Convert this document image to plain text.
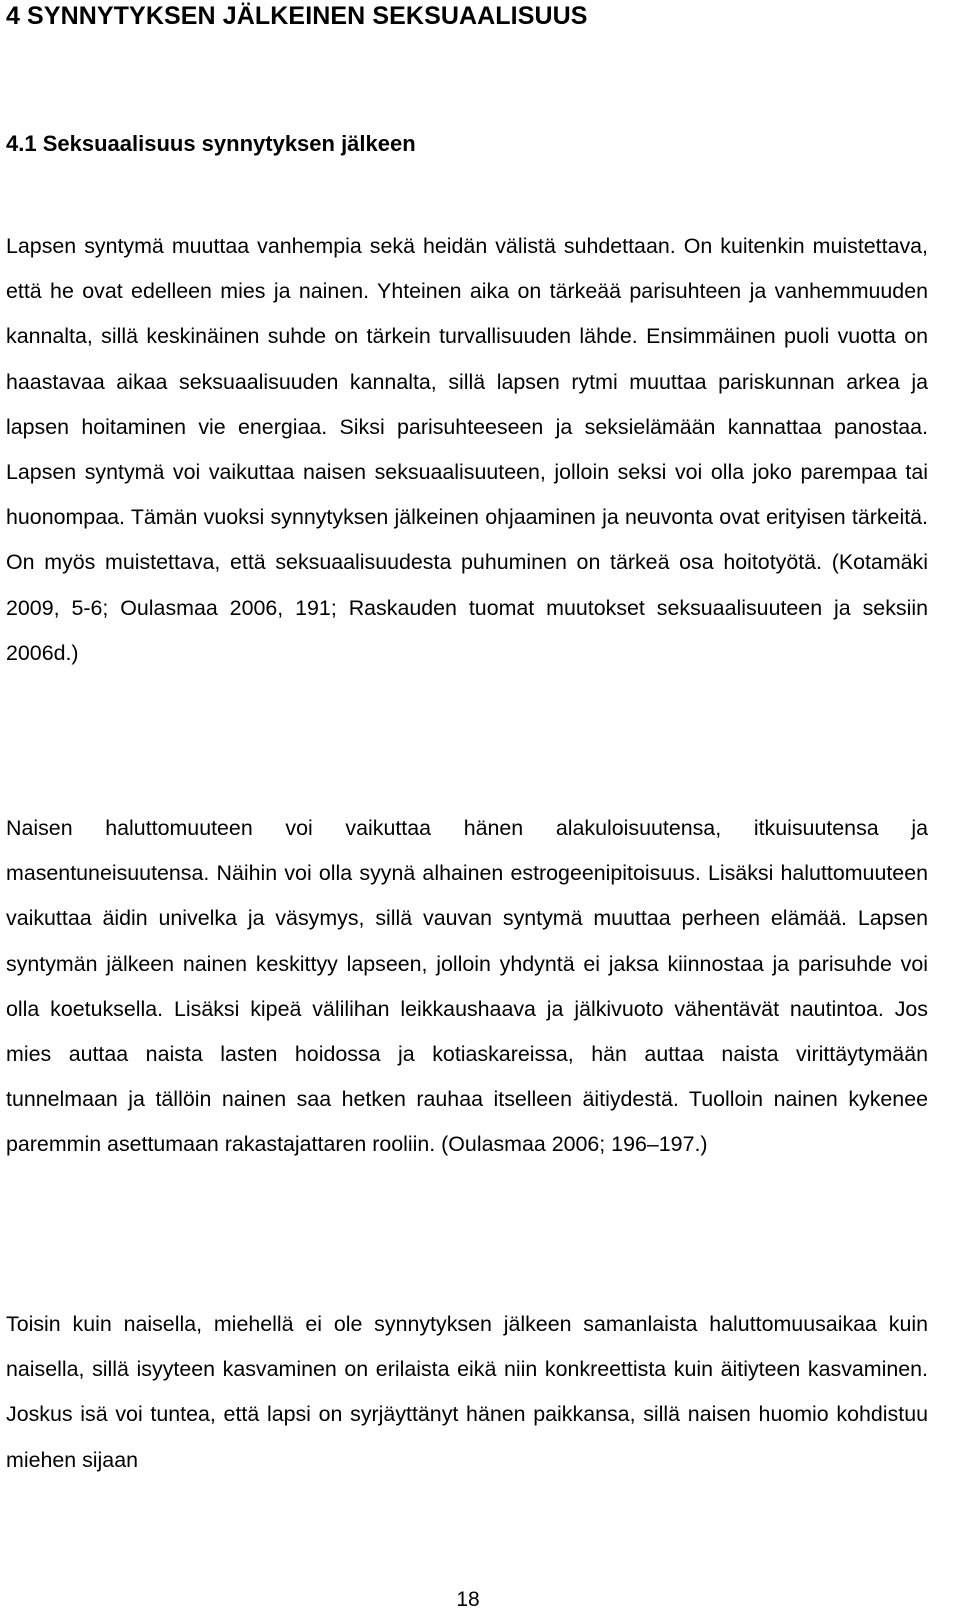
4 SYNNYTYKSEN JÄLKEINEN SEKSUAALISUUS
4.1 Seksuaalisuus synnytyksen jälkeen

Lapsen syntymä muuttaa vanhempia sekä heidän välistä suhdettaan. On kuitenkin muistettava, että he ovat edelleen mies ja nainen. Yhteinen aika on tärkeää parisuhteen ja vanhemmuuden kannalta, sillä keskinäinen suhde on tärkein turvallisuuden lähde. Ensimmäinen puoli vuotta on haastavaa aikaa seksuaalisuuden kannalta, sillä lapsen rytmi muuttaa pariskunnan arkea ja lapsen hoitaminen vie energiaa. Siksi parisuhteeseen ja seksielämään kannattaa panostaa. Lapsen syntymä voi vaikuttaa naisen seksuaalisuuteen, jolloin seksi voi olla joko parempaa tai huonompaa. Tämän vuoksi synnytyksen jälkeinen ohjaaminen ja neuvonta ovat erityisen tärkeitä. On myös muistettava, että seksuaalisuudesta puhuminen on tärkeä osa hoitotyötä. (Kotamäki 2009, 5-6; Oulasmaa 2006, 191; Raskauden tuomat muutokset seksuaalisuuteen ja seksiin 2006d.)

Naisen haluttomuuteen voi vaikuttaa hänen alakuloisuutensa, itkuisuutensa ja masentuneisuutensa. Näihin voi olla syynä alhainen estrogeenipitoisuus. Lisäksi haluttomuuteen vaikuttaa äidin univelka ja väsymys, sillä vauvan syntymä muuttaa perheen elämää. Lapsen syntymän jälkeen nainen keskittyy lapseen, jolloin yhdyntä ei jaksa kiinnostaa ja parisuhde voi olla koetuksella. Lisäksi kipeä välilihan leikkaushaava ja jälkivuoto vähentävät nautintoa. Jos mies auttaa naista lasten hoidossa ja kotiaskareissa, hän auttaa naista virittäytymään tunnelmaan ja tällöin nainen saa hetken rauhaa itselleen äitiydestä. Tuolloin nainen kykenee paremmin asettumaan rakastajattaren rooliin. (Oulasmaa 2006; 196–197.)

Toisin kuin naisella, miehellä ei ole synnytyksen jälkeen samanlaista haluttomuusaikaa kuin naisella, sillä isyyteen kasvaminen on erilaista eikä niin konkreettista kuin äitiyteen kasvaminen. Joskus isä voi tuntea, että lapsi on syrjäyttänyt hänen paikkansa, sillä naisen huomio kohdistuu miehen sijaan

18
